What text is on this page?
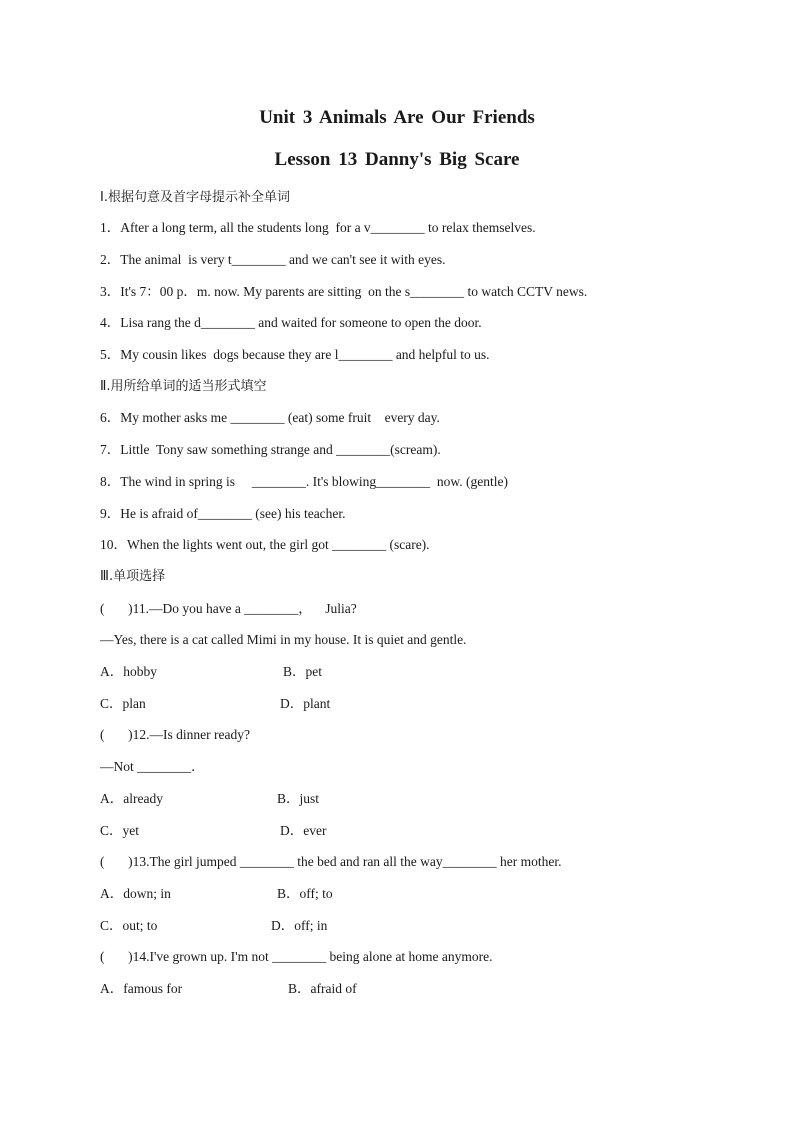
Unit 3 Animals Are Our Friends
Lesson 13 Danny's Big Scare
Ⅰ.根据句意及首字母提示补全单词
1．After a long term, all the students long  for a v________ to relax themselves.
2．The animal  is very t________ and we can't see it with eyes.
3．It's 7：00 p．m. now. My parents are sitting  on the s________ to watch CCTV news.
4．Lisa rang the d________ and waited for someone to open the door.
5．My cousin likes  dogs because they are l________ and helpful to us.
Ⅱ.用所给单词的适当形式填空
6．My mother asks me ________ (eat) some fruit    every day.
7．Little  Tony saw something strange and ________(scream).
8．The wind in spring is     ________. It's blowing________  now. (gentle)
9．He is afraid of________ (see) his teacher.
10．When the lights went out, the girl got ________ (scare).
Ⅲ.单项选择
(       )11.—Do you have a ________，    Julia?
—Yes, there is a cat called Mimi in my house. It is quiet and gentle.
A．hobby	B．pet
C．plan	D．plant
(       )12.—Is dinner ready?
—Not ________．
A．already	B．just
C．yet	D．ever
(       )13.The girl jumped ________ the bed and ran all the way________ her mother.
A．down; in	B．off; to
C．out; to	D．off; in
(       )14.I've grown up. I'm not ________ being alone at home anymore.
A．famous for	B．afraid of
